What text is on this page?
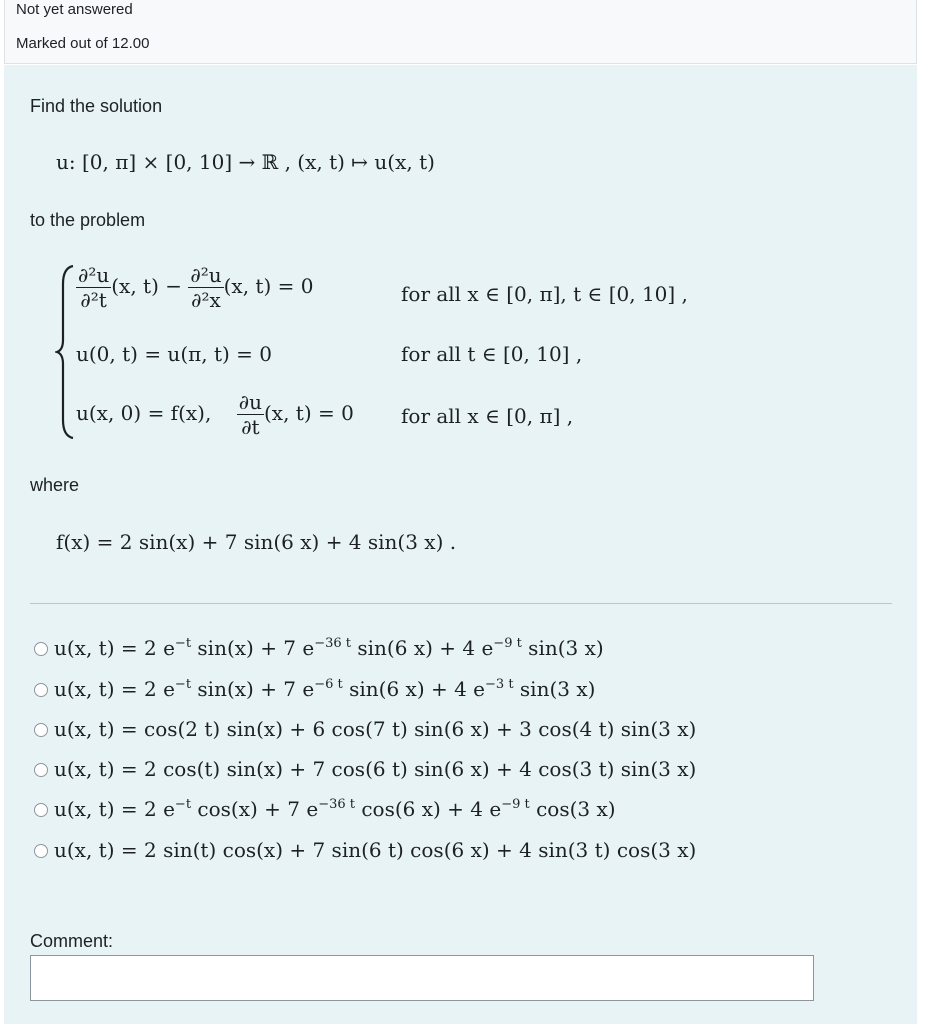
Not yet answered
Marked out of 12.00
Find the solution
u: [0, π] × [0, 10] → ℝ , (x, t) ↦ u(x, t)
to the problem
$\frac{\text{∂²u}}{\text{∂²t}} (x$, $t) - \frac{\text{∂²u}}{\text{∂²x}} (x$, t) = 0	for all x ∈ [0, π], t ∈ [0, 10] ,
u(0, t) = u(π, t) = 0	for all t ∈ [0, 10] ,
u(x, 0) = f(x), $\frac{\partial u}{\partial t} (x$, t) = 0 for all x ∈ [0, π] ,
where
f(x) = 2 sin(x) + 7 sin(6 x) + 4 sin(3 x) .
u(x, t) = 2 $e^{-t}$ sin(x) + 7 $e^{-36 t}$ sin(6 x) + 4 $e^{-9 t}$ sin(3 x)
u(x, t) = 2 $e^{-t}$ sin(x) + 7 $e^{-6 t}$ sin(6 x) + 4 $e^{-3 t}$ sin(3 x)
u(x, t) = cos(2 t) sin(x) + 6 cos(7 t) sin(6 x) + 3 cos(4 t) sin(3 x)
u(x, t) = 2 cos(t) sin(x) + 7 cos(6 t) sin(6 x) + 4 cos(3 t) sin(3 x)
u(x, t) = 2 $e^{-t}$ cos(x) + 7 $e^{-36 t}$ cos(6 x) + 4 $e^{-9 t}$ cos(3 x)
u(x, t) = 2 sin(t) cos(x) + 7 sin(6 t) cos(6 x) + 4 sin(3 t) cos(3 x)
Comment:
